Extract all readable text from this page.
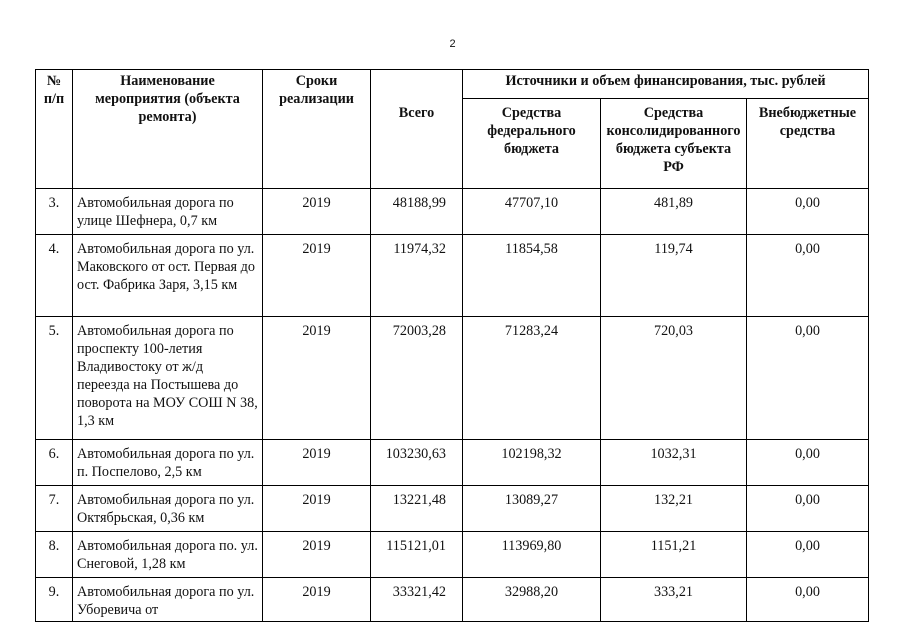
2
№ п/п	Наименование мероприятия (объекта ремонта)	Сроки реализации		Источники и объем финансирования, тыс. рублей		
			Всего	Средства федерального бюджета	Средства консолидированного бюджета субъекта РФ	Внебюджетные средства
3.	Автомобильная дорога по улице Шефнера, 0,7 км	2019	48188,99	47707,10	481,89	0,00
4.	Автомобильная дорога по ул. Маковского от ост. Первая до ост. Фабрика Заря, 3,15 км	2019	11974,32	11854,58	119,74	0,00
5.	Автомобильная дорога по проспекту 100-летия Владивостоку от ж/д переезда на Постышева до поворота на МОУ СОШ N 38, 1,3 км	2019	72003,28	71283,24	720,03	0,00
6.	Автомобильная дорога по ул. п. Поспелово, 2,5 км	2019	103230,63	102198,32	1032,31	0,00
7.	Автомобильная дорога по ул. Октябрьская, 0,36 км	2019	13221,48	13089,27	132,21	0,00
8.	Автомобильная дорога по. ул. Снеговой, 1,28 км	2019	115121,01	113969,80	1151,21	0,00
9.	Автомобильная дорога по ул. Уборевича от	2019	33321,42	32988,20	333,21	0,00
